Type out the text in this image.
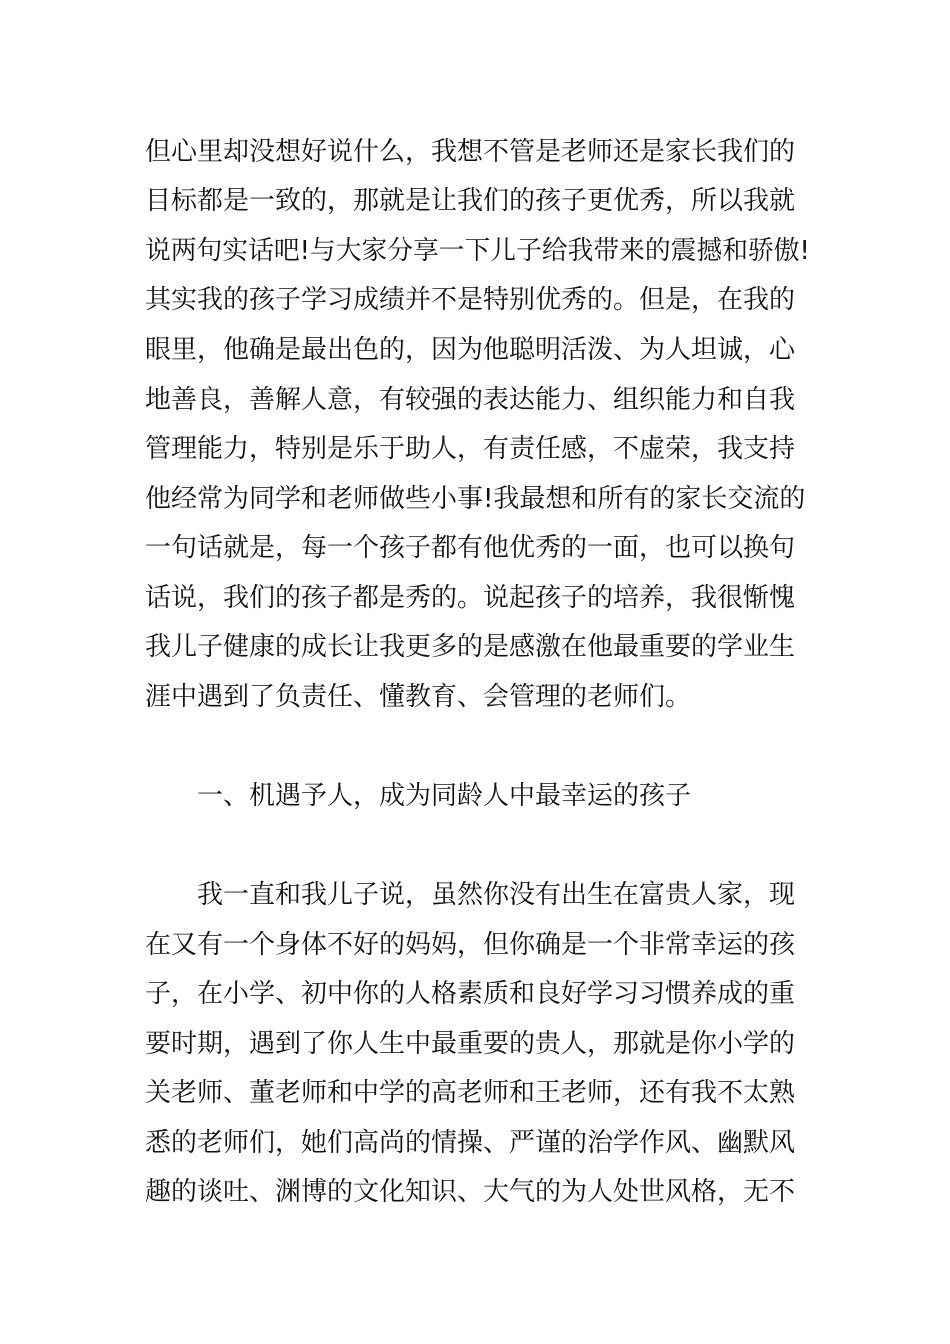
但心里却没想好说什么，我想不管是老师还是家长我们的
目标都是一致的，那就是让我们的孩子更优秀，所以我就
说两句实话吧!与大家分享一下儿子给我带来的震撼和骄傲!
其实我的孩子学习成绩并不是特别优秀的。但是，在我的
眼里，他确是最出色的，因为他聪明活泼、为人坦诚，心
地善良，善解人意，有较强的表达能力、组织能力和自我
管理能力，特别是乐于助人，有责任感，不虚荣，我支持
他经常为同学和老师做些小事!我最想和所有的家长交流的
一句话就是，每一个孩子都有他优秀的一面，也可以换句
话说，我们的孩子都是秀的。说起孩子的培养，我很惭愧
我儿子健康的成长让我更多的是感激在他最重要的学业生
涯中遇到了负责任、懂教育、会管理的老师们。
一、机遇予人，成为同龄人中最幸运的孩子
我一直和我儿子说，虽然你没有出生在富贵人家，现
在又有一个身体不好的妈妈，但你确是一个非常幸运的孩
子，在小学、初中你的人格素质和良好学习习惯养成的重
要时期，遇到了你人生中最重要的贵人，那就是你小学的
关老师、董老师和中学的高老师和王老师，还有我不太熟
悉的老师们，她们高尚的情操、严谨的治学作风、幽默风
趣的谈吐、渊博的文化知识、大气的为人处世风格，无不
